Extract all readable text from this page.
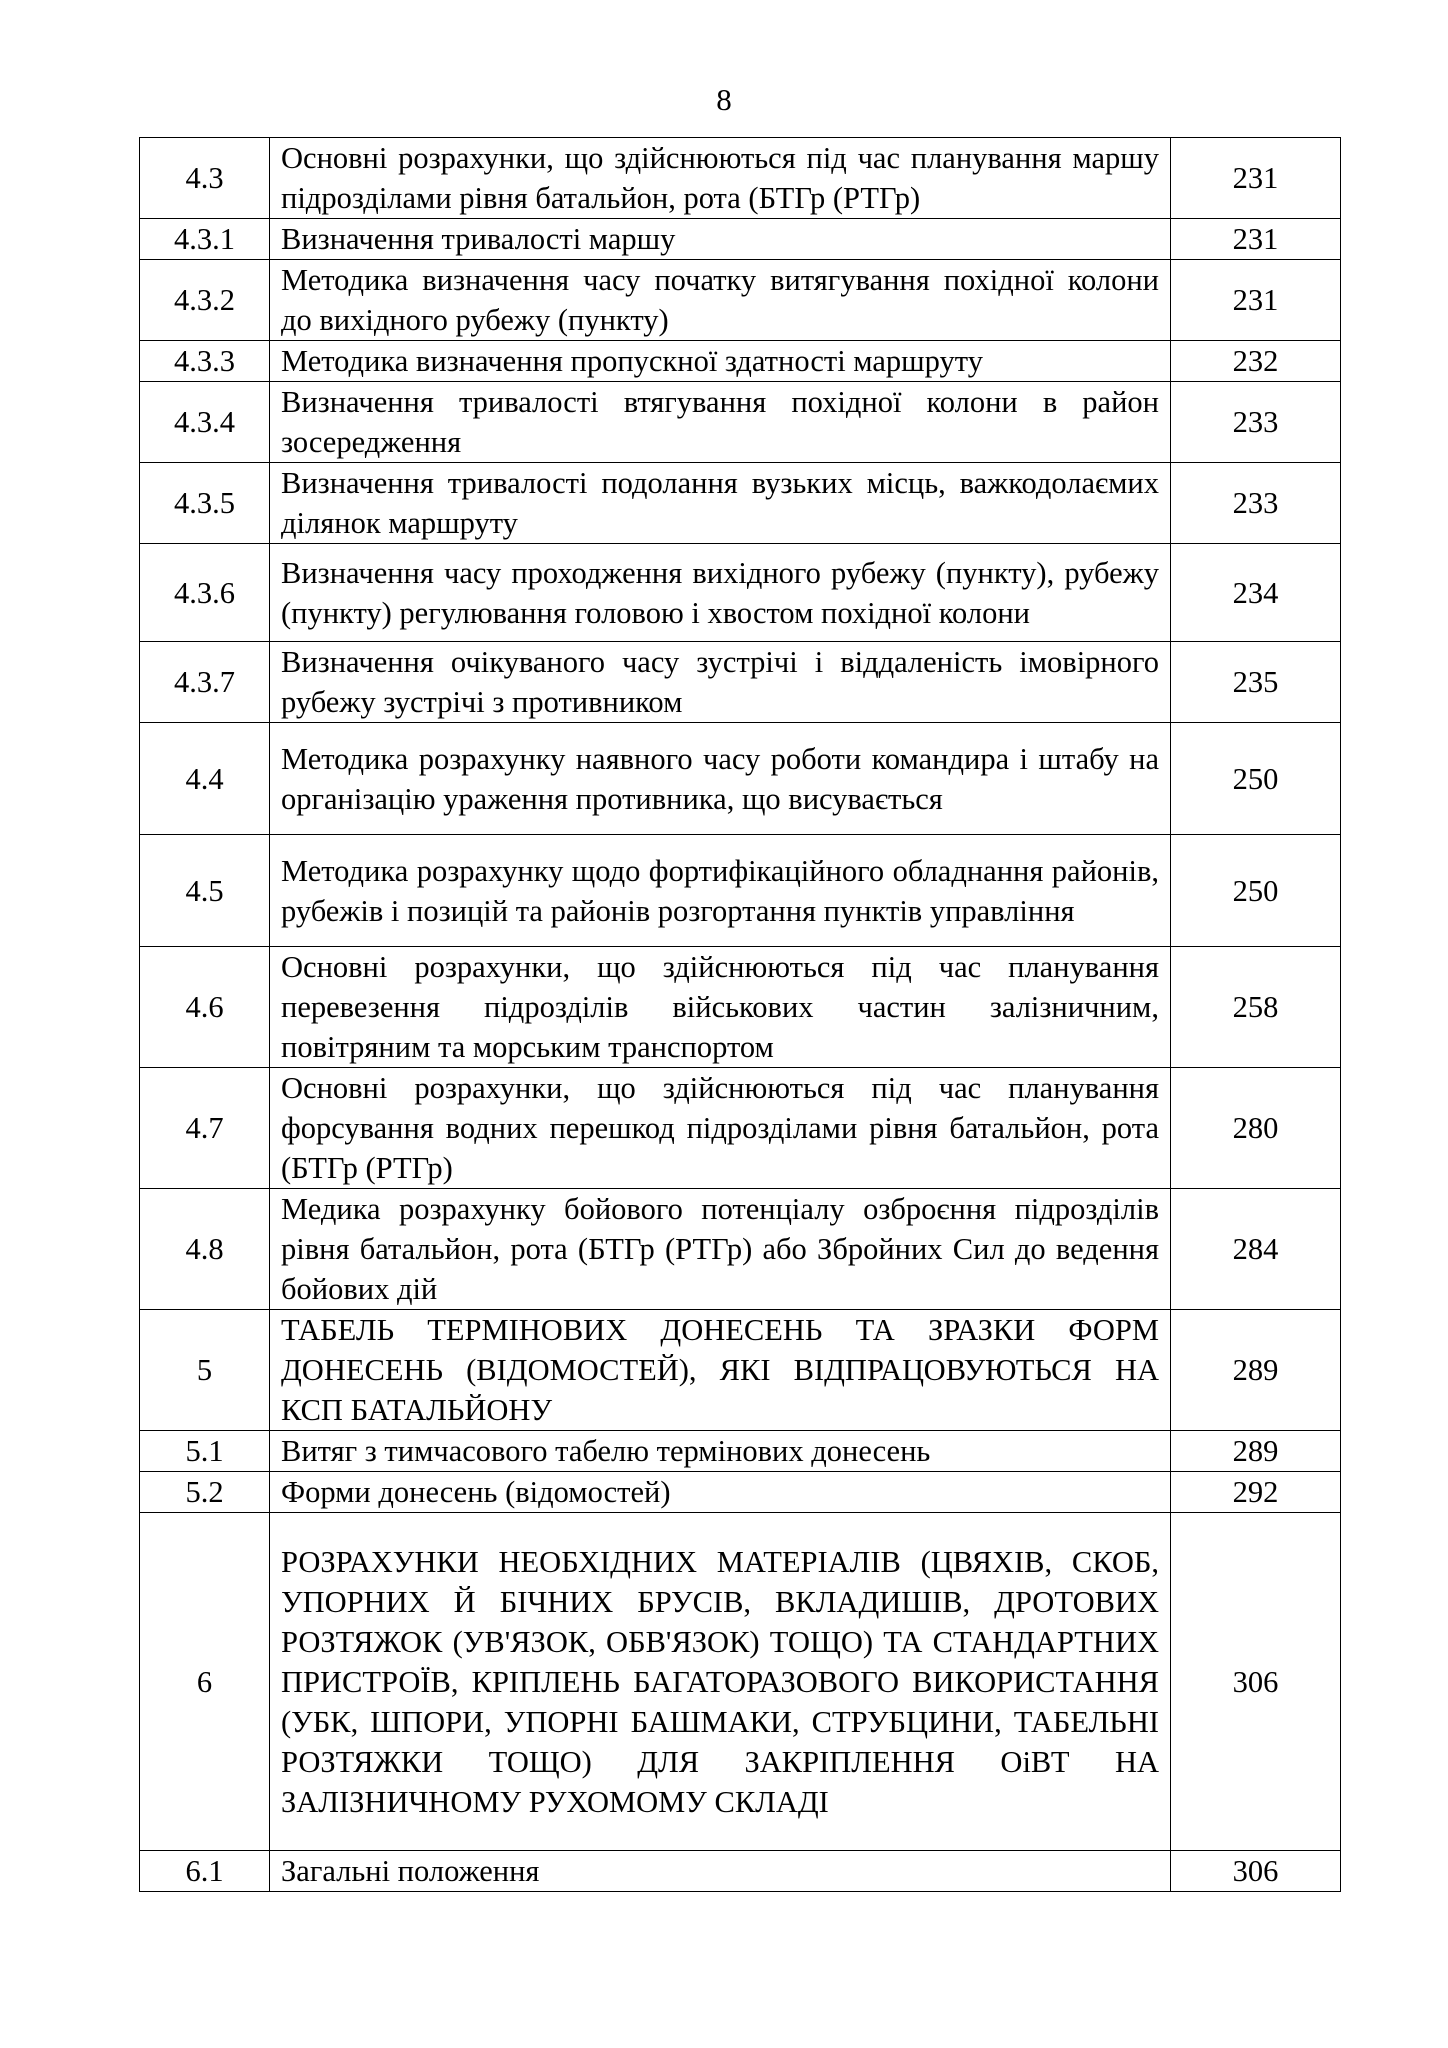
8
4.3	Основні розрахунки, що здійснюються під час планування маршу підрозділами рівня батальйон, рота (БТГр (РТГр)	231
4.3.1	Визначення тривалості маршу	231
4.3.2	Методика визначення часу початку витягування похідної колони до вихідного рубежу (пункту)	231
4.3.3	Методика визначення пропускної здатності маршруту	232
4.3.4	Визначення тривалості втягування похідної колони в район зосередження	233
4.3.5	Визначення тривалості подолання вузьких місць, важкодолаємих ділянок маршруту	233
4.3.6	Визначення часу проходження вихідного рубежу (пункту), рубежу (пункту) регулювання головою і хвостом похідної колони	234
4.3.7	Визначення очікуваного часу зустрічі і віддаленість імовірного рубежу зустрічі з противником	235
4.4	Методика розрахунку наявного часу роботи командира і штабу на організацію ураження противника, що висувається	250
4.5	Методика розрахунку щодо фортифікаційного обладнання районів, рубежів і позицій та районів розгортання пунктів управління	250
4.6	Основні розрахунки, що здійснюються під час планування перевезення підрозділів військових частин залізничним, повітряним та морським транспортом	258
4.7	Основні розрахунки, що здійснюються під час планування форсування водних перешкод підрозділами рівня батальйон, рота (БТГр (РТГр)	280
4.8	Медика розрахунку бойового потенціалу озброєння підрозділів рівня батальйон, рота (БТГр (РТГр) або Збройних Сил до ведення бойових дій	284
5	ТАБЕЛЬ ТЕРМІНОВИХ ДОНЕСЕНЬ ТА ЗРАЗКИ ФОРМ ДОНЕСЕНЬ (ВІДОМОСТЕЙ), ЯКІ ВІДПРАЦОВУЮТЬСЯ НА КСП БАТАЛЬЙОНУ	289
5.1	Витяг з тимчасового табелю термінових донесень	289
5.2	Форми донесень (відомостей)	292
6	РОЗРАХУНКИ НЕОБХІДНИХ МАТЕРІАЛІВ (ЦВЯХІВ, СКОБ, УПОРНИХ Й БІЧНИХ БРУСІВ, ВКЛАДИШІВ, ДРОТОВИХ РОЗТЯЖОК (УВ'ЯЗОК, ОБВ'ЯЗОК) ТОЩО) ТА СТАНДАРТНИХ ПРИСТРОЇВ, КРІПЛЕНЬ БАГАТОРАЗОВОГО ВИКОРИСТАННЯ (УБК, ШПОРИ, УПОРНІ БАШМАКИ, СТРУБЦИНИ, ТАБЕЛЬНІ РОЗТЯЖКИ ТОЩО) ДЛЯ ЗАКРІПЛЕННЯ ОіВТ НА ЗАЛІЗНИЧНОМУ РУХОМОМУ СКЛАДІ	306
6.1	Загальні положення	306
